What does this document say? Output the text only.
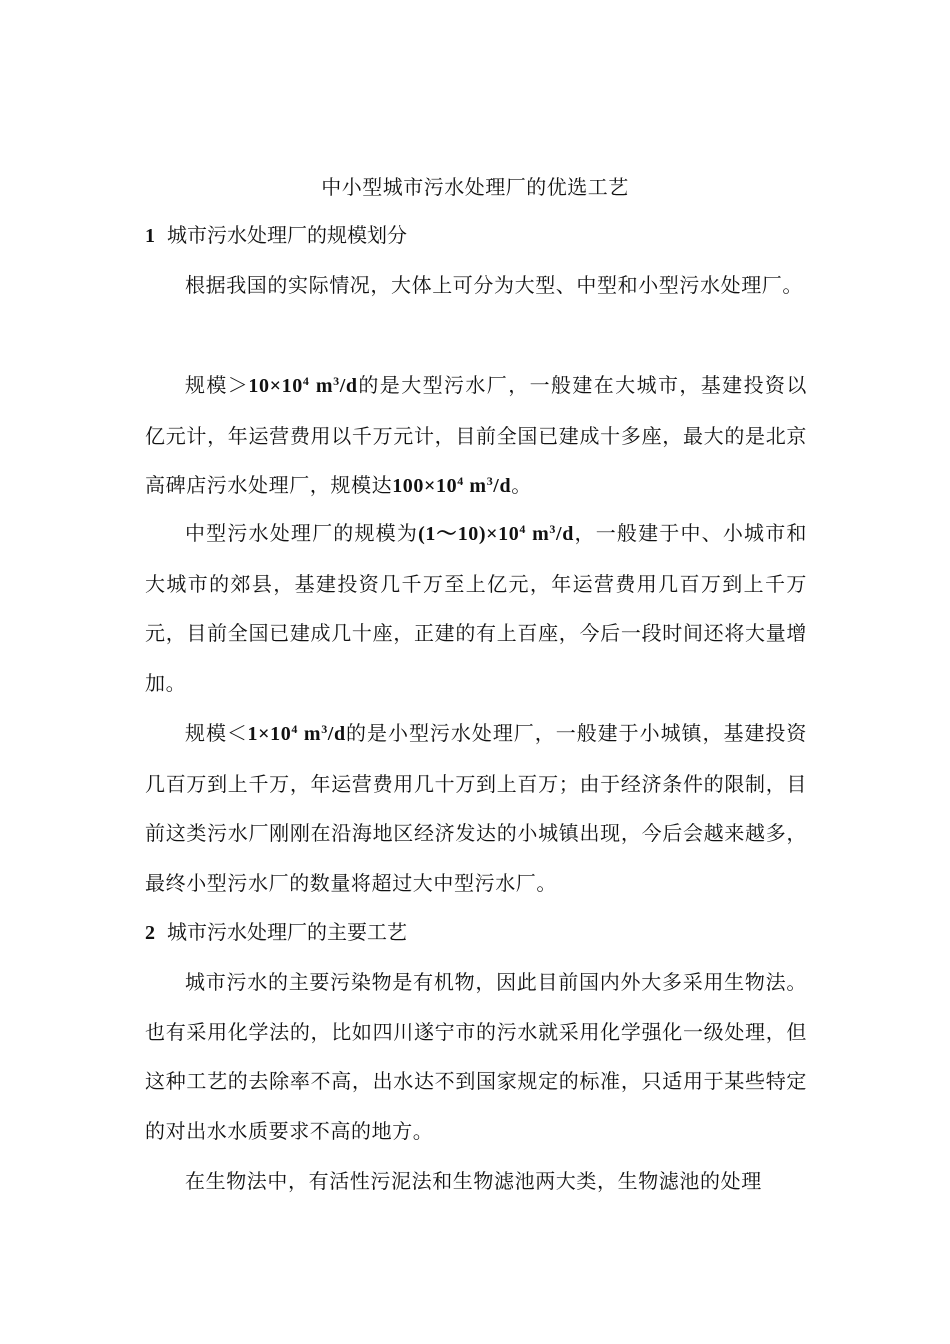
中小型城市污水处理厂的优选工艺
1 城市污水处理厂的规模划分
根据我国的实际情况，大体上可分为大型、中型和小型污水处理厂。
规模$>10\times 10^4$ $m^3/d$的是大型污水厂，一般建在大城市，基建投资以亿元计，年运营费用以千万元计，目前全国已建成十多座，最大的是北京高碑店污水处理厂，规模达$100\times 10^4$ $m^3/d$。
中型污水处理厂的规模为$(1\sim 10)\times 10^4$ $m^3/d$，一般建于中、小城市和大城市的郊县，基建投资几千万至上亿元，年运营费用几百万到上千万元，目前全国已建成几十座，正建的有上百座，今后一段时间还将大量增加。
规模$<1\times 10^4$ $m^3/d$的是小型污水处理厂，一般建于小城镇，基建投资几百万到上千万，年运营费用几十万到上百万；由于经济条件的限制，目前这类污水厂刚刚在沿海地区经济发达的小城镇出现，今后会越来越多，最终小型污水厂的数量将超过大中型污水厂。
2 城市污水处理厂的主要工艺
城市污水的主要污染物是有机物，因此目前国内外大多采用生物法。也有采用化学法的，比如四川遂宁市的污水就采用化学强化一级处理，但这种工艺的去除率不高，出水达不到国家规定的标准，只适用于某些特定的对出水水质要求不高的地方。
在生物法中，有活性污泥法和生物滤池两大类，生物滤池的处理
